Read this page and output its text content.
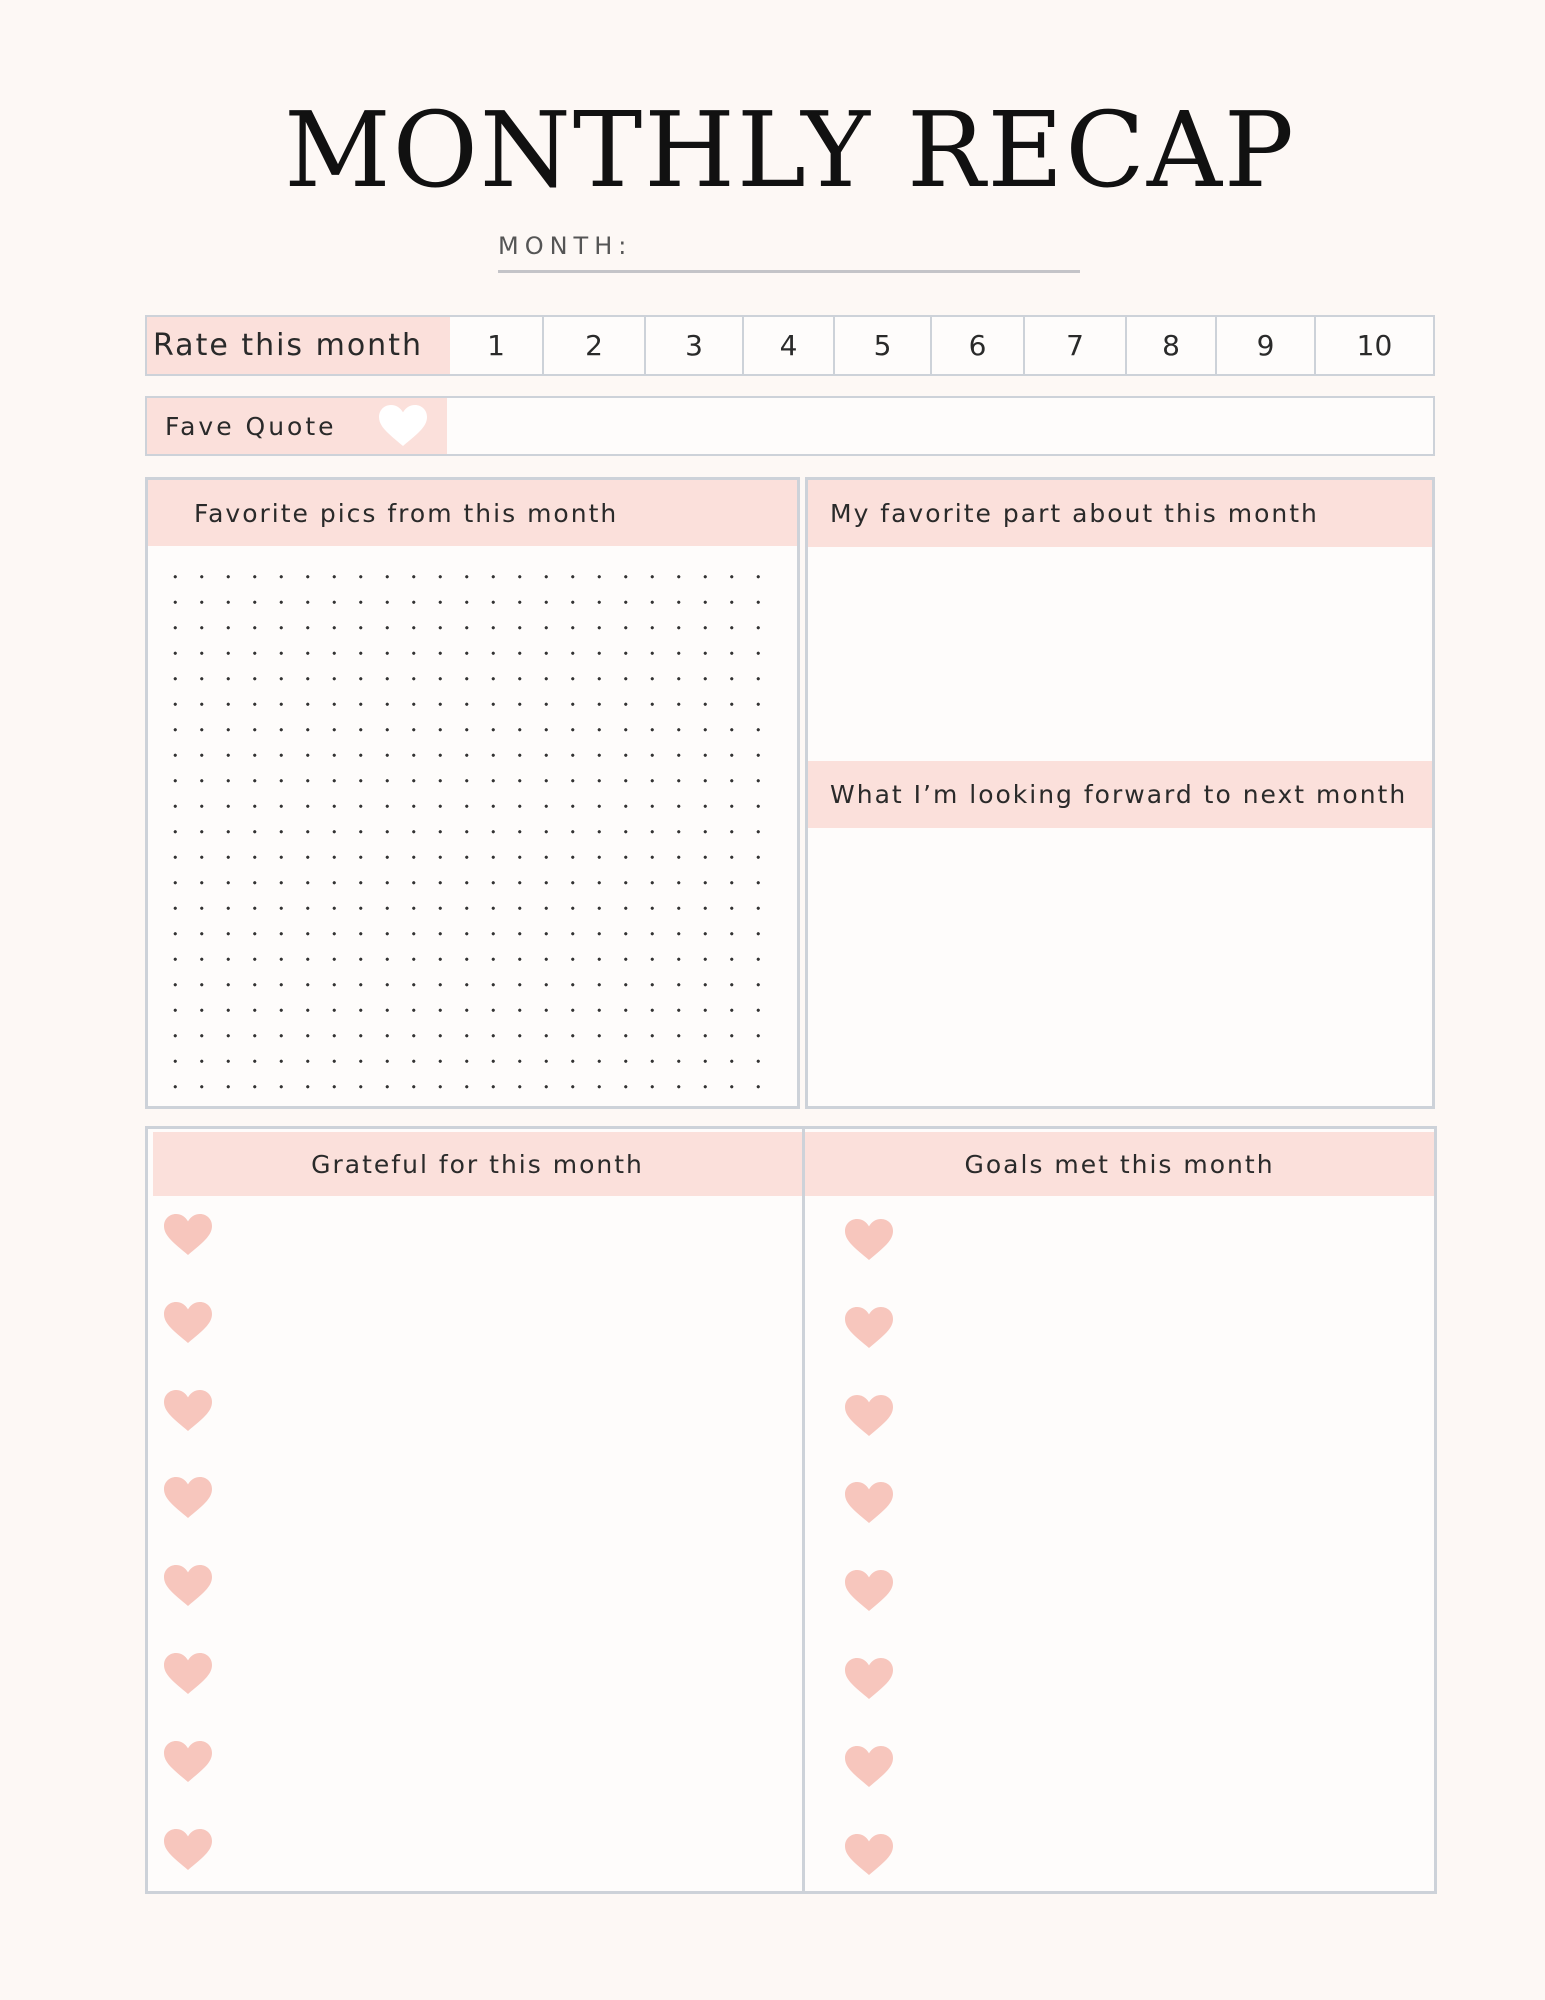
MONTHLY RECAP
MONTH:
Rate this month	1	2	3	4	5	6	7	8	9	10
Fave Quote
Favorite pics from this month	My favorite part about this month
What I’m looking forward to next month
Grateful for this month	Goals met this month
